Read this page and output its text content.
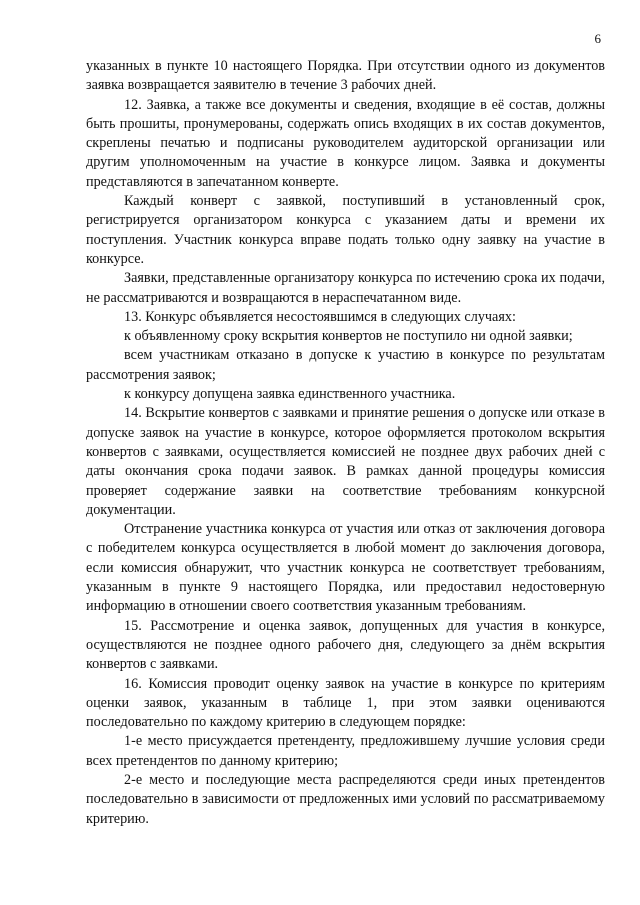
6

указанных в пункте 10 настоящего Порядка. При отсутствии одного из документов заявка возвращается заявителю в течение 3 рабочих дней.

12. Заявка, а также все документы и сведения, входящие в её состав, должны быть прошиты, пронумерованы, содержать опись входящих в их состав документов, скреплены печатью и подписаны руководителем аудиторской организации или другим уполномоченным на участие в конкурсе лицом. Заявка и документы представляются в запечатанном конверте.

Каждый конверт с заявкой, поступивший в установленный срок, регистрируется организатором конкурса с указанием даты и времени их поступления. Участник конкурса вправе подать только одну заявку на участие в конкурсе.

Заявки, представленные организатору конкурса по истечению срока их подачи, не рассматриваются и возвращаются в нераспечатанном виде.

13. Конкурс объявляется несостоявшимся в следующих случаях:

к объявленному сроку вскрытия конвертов не поступило ни одной заявки;

всем участникам отказано в допуске к участию в конкурсе по результатам рассмотрения заявок;

к конкурсу допущена заявка единственного участника.

14. Вскрытие конвертов с заявками и принятие решения о допуске или отказе в допуске заявок на участие в конкурсе, которое оформляется протоколом вскрытия конвертов с заявками, осуществляется комиссией не позднее двух рабочих дней с даты окончания срока подачи заявок. В рамках данной процедуры комиссия проверяет содержание заявки на соответствие требованиям конкурсной документации.

Отстранение участника конкурса от участия или отказ от заключения договора с победителем конкурса осуществляется в любой момент до заключения договора, если комиссия обнаружит, что участник конкурса не соответствует требованиям, указанным в пункте 9 настоящего Порядка, или предоставил недостоверную информацию в отношении своего соответствия указанным требованиям.

15. Рассмотрение и оценка заявок, допущенных для участия в конкурсе, осуществляются не позднее одного рабочего дня, следующего за днём вскрытия конвертов с заявками.

16. Комиссия проводит оценку заявок на участие в конкурсе по критериям оценки заявок, указанным в таблице 1, при этом заявки оцениваются последовательно по каждому критерию в следующем порядке:

1-е место присуждается претенденту, предложившему лучшие условия среди всех претендентов по данному критерию;

2-е место и последующие места распределяются среди иных претендентов последовательно в зависимости от предложенных ими условий по рассматриваемому критерию.
